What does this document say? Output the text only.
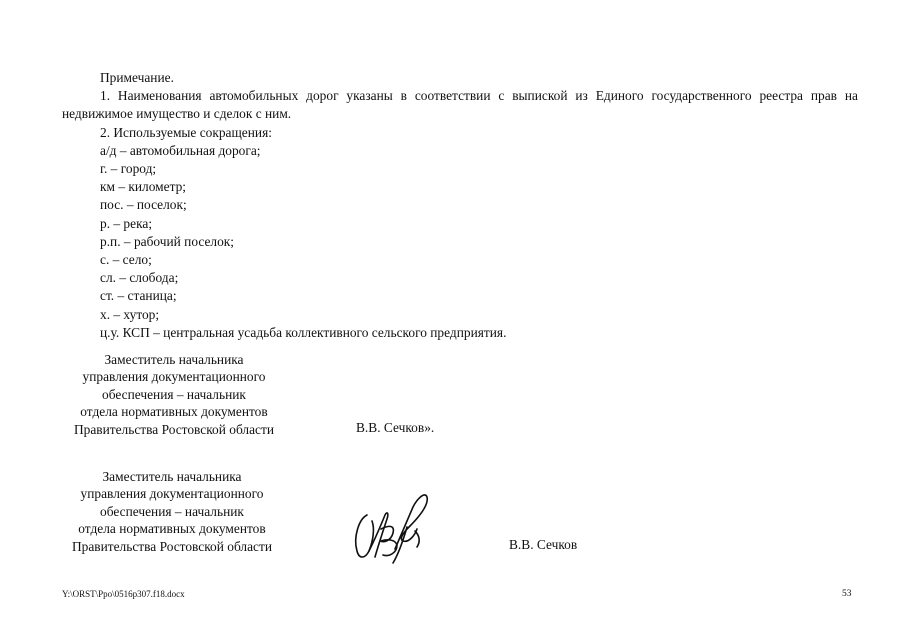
Примечание.

1. Наименования автомобильных дорог указаны в соответствии с выпиской из Единого государственного реестра прав на недвижимое имущество и сделок с ним.

2. Используемые сокращения:

а/д – автомобильная дорога;
г. – город;
км – километр;
пос. – поселок;
р. – река;
р.п. – рабочий поселок;
с. – село;
сл. – слобода;
ст. – станица;
х. – хутор;
ц.у. КСП – центральная усадьба коллективного сельского предприятия.
Заместитель начальника
управления документационного
обеспечения – начальник
отдела нормативных документов
Правительства Ростовской области	В.В. Сечков».
Заместитель начальника
управления документационного
обеспечения – начальник
отдела нормативных документов
Правительства Ростовской области	В.В. Сечков
Y:\ORST\Ppo\0516p307.f18.docx	53
